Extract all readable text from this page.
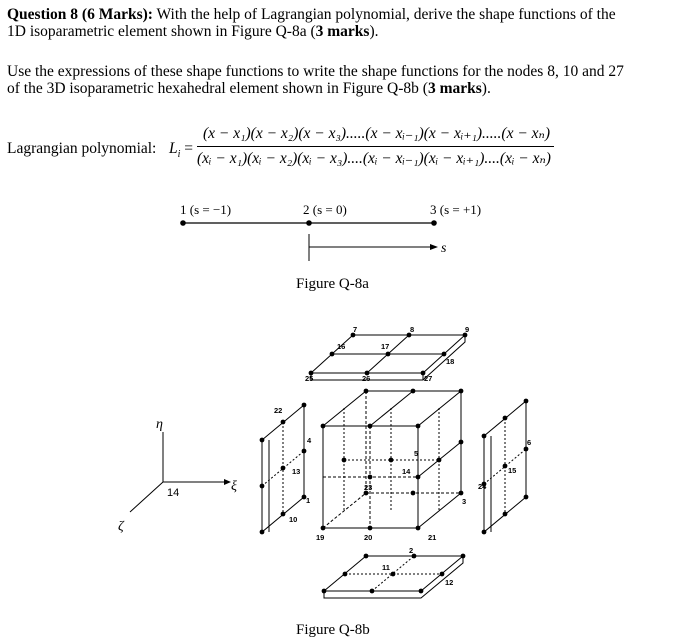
Question 8 (6 Marks): With the help of Lagrangian polynomial, derive the shape functions of the
1D isoparametric element shown in Figure Q-8a (3 marks).
Use the expressions of these shape functions to write the shape functions for the nodes 8, 10 and 27
of the 3D isoparametric hexahedral element shown in Figure Q-8b (3 marks).
Lagrangian polynomial: $L_i$ =
(x − x₁)(x − x₂)(x − x₃).....(x − xᵢ₋₁)(x − xᵢ₊₁).....(x − xₙ)
(xᵢ − x₁)(xᵢ − x₂)(xᵢ − x₃)....(xᵢ − xᵢ₋₁)(xᵢ − xᵢ₊₁)....(xᵢ − xₙ)
1 (s = −1)	2 (s = 0)	3 (s = +1)
Figure Q-8a
s
η
ξ
ζ
14
16	17
18
25	26	27
7	8	9
19	20	21
10
11
12
13	14	15
22
23	24
1
2
3
4
5
6
Figure Q-8b
